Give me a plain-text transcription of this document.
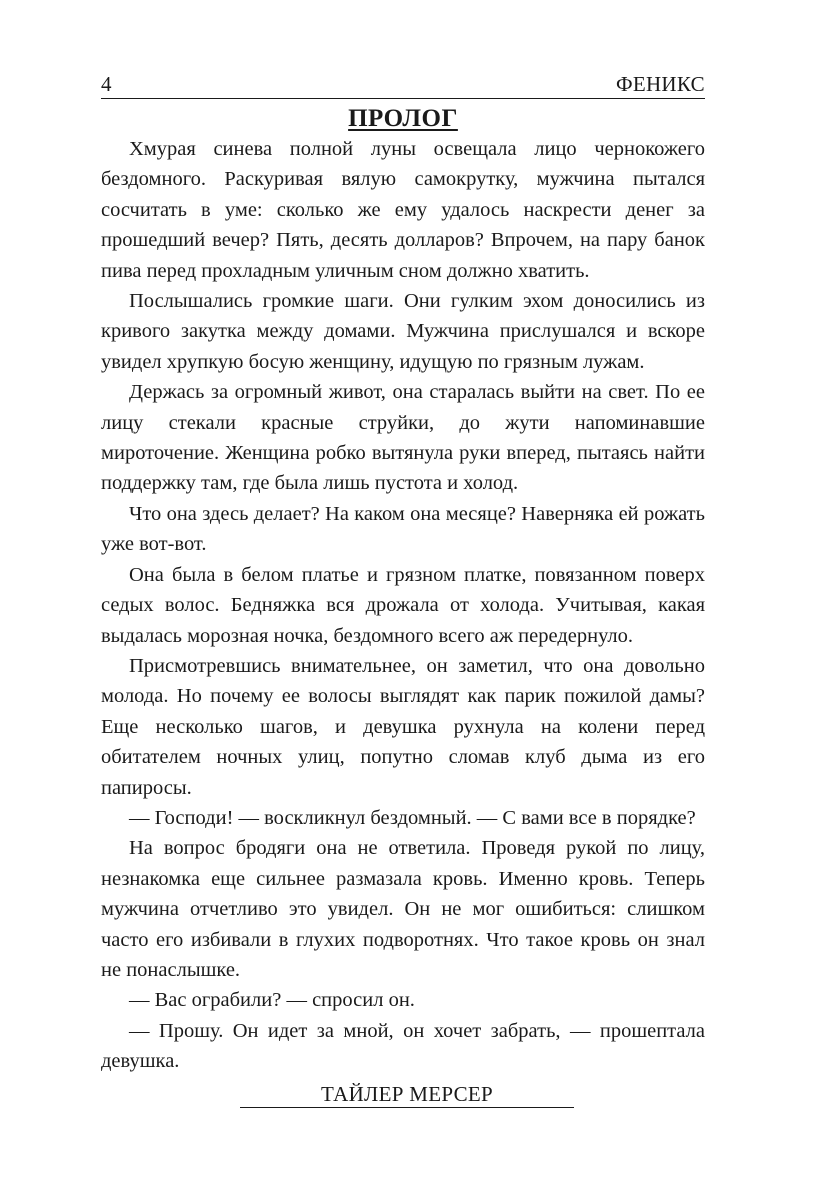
4	ФЕНИКС
ПРОЛОГ

Хмурая синева полной луны освещала лицо чернокожего бездомного. Раскуривая вялую самокрутку, мужчина пытался сосчитать в уме: сколько же ему удалось наскрести денег за прошедший вечер? Пять, десять долларов? Впрочем, на пару банок пива перед прохладным уличным сном должно хватить.

Послышались громкие шаги. Они гулким эхом доносились из кривого закутка между домами. Мужчина прислушался и вскоре увидел хрупкую босую женщину, идущую по грязным лужам.

Держась за огромный живот, она старалась выйти на свет. По ее лицу стекали красные струйки, до жути напоминавшие мироточение. Женщина робко вытянула руки вперед, пытаясь найти поддержку там, где была лишь пустота и холод.

Что она здесь делает? На каком она месяце? Наверняка ей рожать уже вот-вот.

Она была в белом платье и грязном платке, повязанном поверх седых волос. Бедняжка вся дрожала от холода. Учитывая, какая выдалась морозная ночка, бездомного всего аж передернуло.

Присмотревшись внимательнее, он заметил, что она довольно молода. Но почему ее волосы выглядят как парик пожилой дамы? Еще несколько шагов, и девушка рухнула на колени перед обитателем ночных улиц, попутно сломав клуб дыма из его папиросы.

— Господи! — воскликнул бездомный. — С вами все в порядке?

На вопрос бродяги она не ответила. Проведя рукой по лицу, незнакомка еще сильнее размазала кровь. Именно кровь. Теперь мужчина отчетливо это увидел. Он не мог ошибиться: слишком часто его избивали в глухих подворотнях. Что такое кровь он знал не понаслышке.

— Вас ограбили? — спросил он.

— Прошу. Он идет за мной, он хочет забрать, — прошептала девушка.

ТАЙЛЕР МЕРСЕР
